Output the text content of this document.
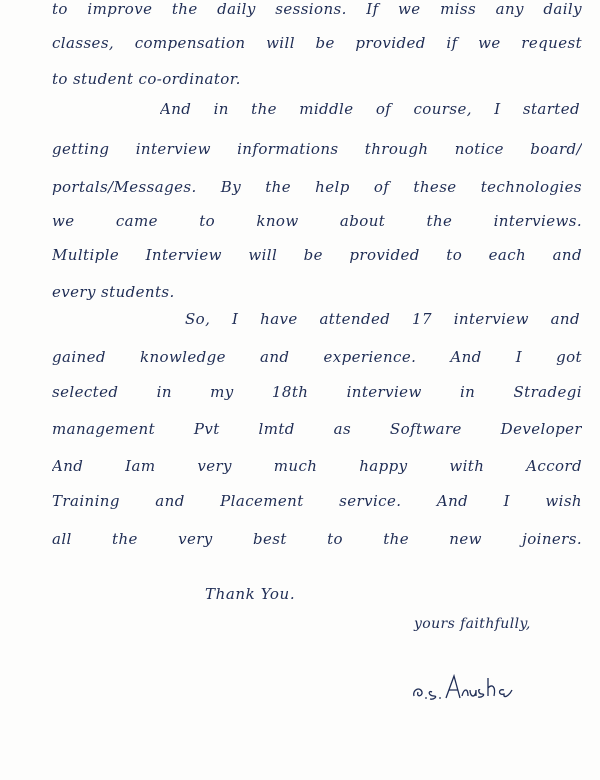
to improve the daily sessions. If we miss any daily
classes, compensation will be provided if we request
to student co-ordinator.
And in the middle of course, I started
getting interview informations through notice board/
portals/Messages. By the help of these technologies
we came to know about the interviews.
Multiple Interview will be provided to each and
every students.
So, I have attended 17 interview and
gained knowledge and experience. And I got
selected in my 18th interview in Stradegi
management Pvt lmtd as Software Developer
And Iam very much happy with Accord
Training and Placement service. And I wish
all the very best to the new joiners.
Thank You.
yours faithfully,
